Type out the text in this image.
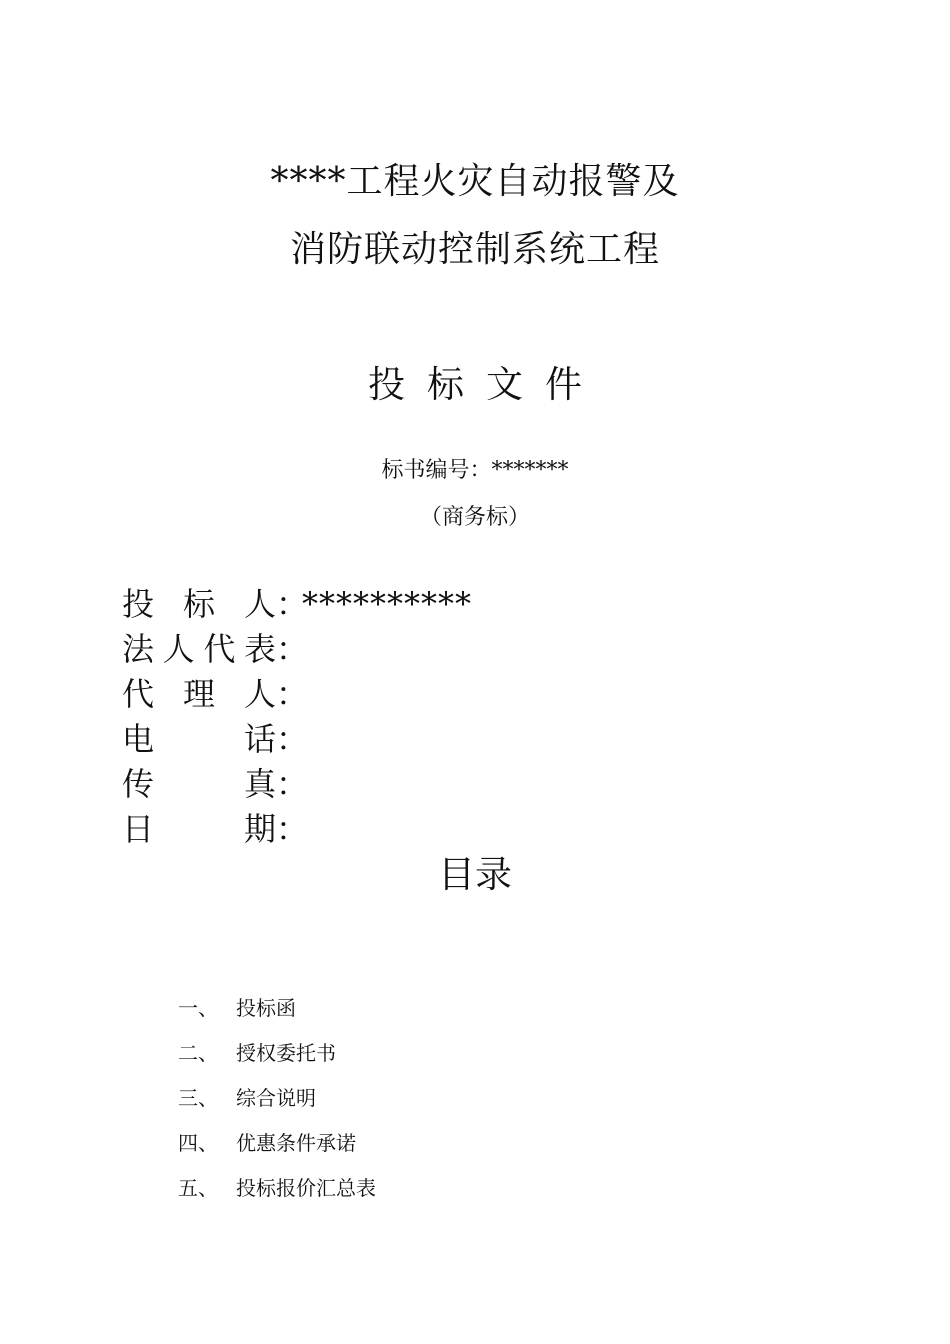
****工程火灾自动报警及
消防联动控制系统工程
投标文件
标书编号：*******
（商务标）
投标人 ：
**********
法人代表 ：
代理人 ：
电话 ：
传真 ：
日期 ：
目录
一、 投标函
二、 授权委托书
三、 综合说明
四、 优惠条件承诺
五、 投标报价汇总表
